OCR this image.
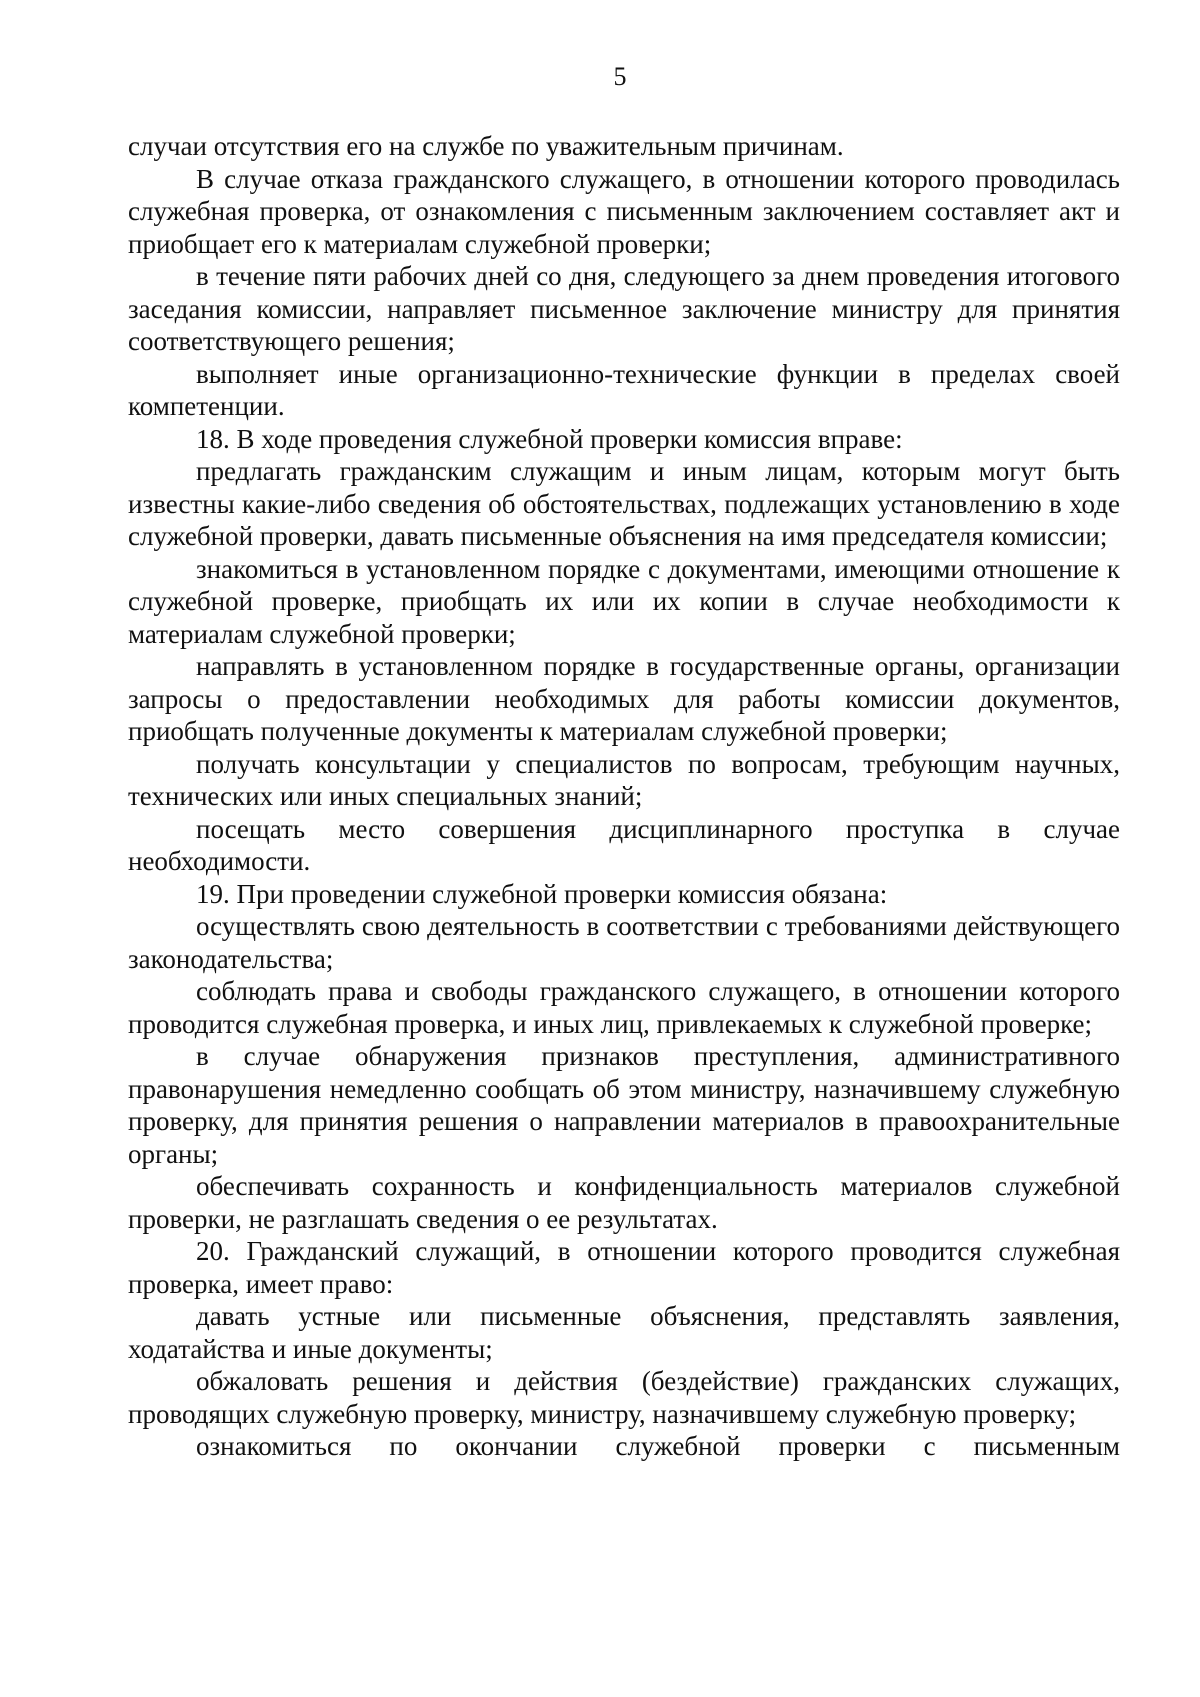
5

случаи отсутствия его на службе по уважительным причинам.

В случае отказа гражданского служащего, в отношении которого проводилась служебная проверка, от ознакомления с письменным заключением составляет акт и приобщает его к материалам служебной проверки;

в течение пяти рабочих дней со дня, следующего за днем проведения итогового заседания комиссии, направляет письменное заключение министру для принятия соответствующего решения;

выполняет иные организационно-технические функции в пределах своей компетенции.

18. В ходе проведения служебной проверки комиссия вправе:

предлагать гражданским служащим и иным лицам, которым могут быть известны какие-либо сведения об обстоятельствах, подлежащих установлению в ходе служебной проверки, давать письменные объяснения на имя председателя комиссии;

знакомиться в установленном порядке с документами, имеющими отношение к служебной проверке, приобщать их или их копии в случае необходимости к материалам служебной проверки;

направлять в установленном порядке в государственные органы, организации запросы о предоставлении необходимых для работы комиссии документов, приобщать полученные документы к материалам служебной проверки;

получать консультации у специалистов по вопросам, требующим научных, технических или иных специальных знаний;

посещать место совершения дисциплинарного проступка в случае необходимости.

19. При проведении служебной проверки комиссия обязана:

осуществлять свою деятельность в соответствии с требованиями действующего законодательства;

соблюдать права и свободы гражданского служащего, в отношении которого проводится служебная проверка, и иных лиц, привлекаемых к служебной проверке;

в случае обнаружения признаков преступления, административного правонарушения немедленно сообщать об этом министру, назначившему служебную проверку, для принятия решения о направлении материалов в правоохранительные органы;

обеспечивать сохранность и конфиденциальность материалов служебной проверки, не разглашать сведения о ее результатах.

20. Гражданский служащий, в отношении которого проводится служебная проверка, имеет право:

давать устные или письменные объяснения, представлять заявления, ходатайства и иные документы;

обжаловать решения и действия (бездействие) гражданских служащих, проводящих служебную проверку, министру, назначившему служебную проверку;

ознакомиться по окончании служебной проверки с письменным
